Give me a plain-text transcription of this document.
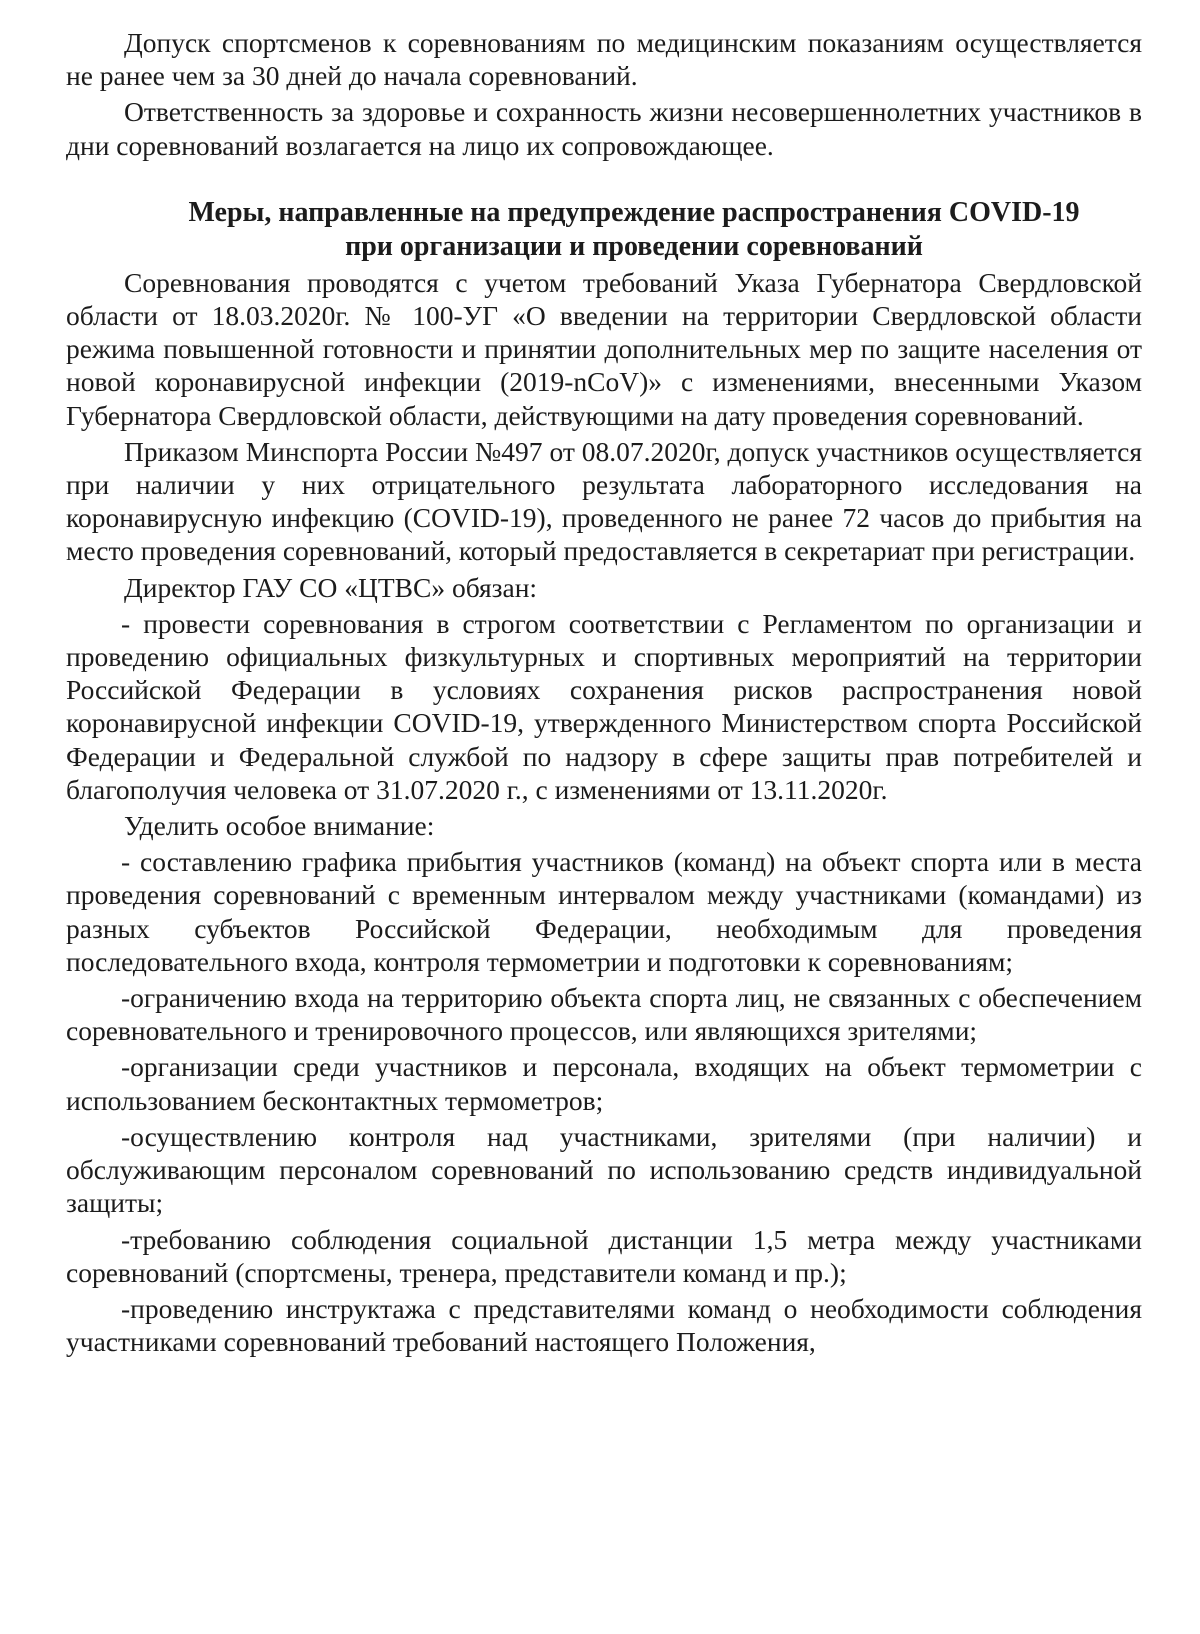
Допуск спортсменов к соревнованиям по медицинским показаниям осуществляется не ранее чем за 30 дней до начала соревнований.

Ответственность за здоровье и сохранность жизни несовершеннолетних участников в дни соревнований возлагается на лицо их сопровождающее.

Меры, направленные на предупреждение распространения COVID-19
при организации и проведении соревнований

Соревнования проводятся с учетом требований Указа Губернатора Свердловской области от 18.03.2020г. № 100-УГ «О введении на территории Свердловской области режима повышенной готовности и принятии дополнительных мер по защите населения от новой коронавирусной инфекции (2019-nCoV)» с изменениями, внесенными Указом Губернатора Свердловской области, действующими на дату проведения соревнований.

Приказом Минспорта России №497 от 08.07.2020г, допуск участников осуществляется при наличии у них отрицательного результата лабораторного исследования на коронавирусную инфекцию (COVID-19), проведенного не ранее 72 часов до прибытия на место проведения соревнований, который предоставляется в секретариат при регистрации.

Директор ГАУ СО «ЦТВС» обязан:

- провести соревнования в строгом соответствии с Регламентом по организации и проведению официальных физкультурных и спортивных мероприятий на территории Российской Федерации в условиях сохранения рисков распространения новой коронавирусной инфекции COVID-19, утвержденного Министерством спорта Российской Федерации и Федеральной службой по надзору в сфере защиты прав потребителей и благополучия человека от 31.07.2020 г., с изменениями от 13.11.2020г.

Уделить особое внимание:

- составлению графика прибытия участников (команд) на объект спорта или в места проведения соревнований с временным интервалом между участниками (командами) из разных субъектов Российской Федерации, необходимым для проведения последовательного входа, контроля термометрии и подготовки к соревнованиям;

-ограничению входа на территорию объекта спорта лиц, не связанных с обеспечением соревновательного и тренировочного процессов, или являющихся зрителями;

-организации среди участников и персонала, входящих на объект термометрии с использованием бесконтактных термометров;

-осуществлению контроля над участниками, зрителями (при наличии) и обслуживающим персоналом соревнований по использованию средств индивидуальной защиты;

-требованию соблюдения социальной дистанции 1,5 метра между участниками соревнований (спортсмены, тренера, представители команд и пр.);

-проведению инструктажа с представителями команд о необходимости соблюдения участниками соревнований требований настоящего Положения,
